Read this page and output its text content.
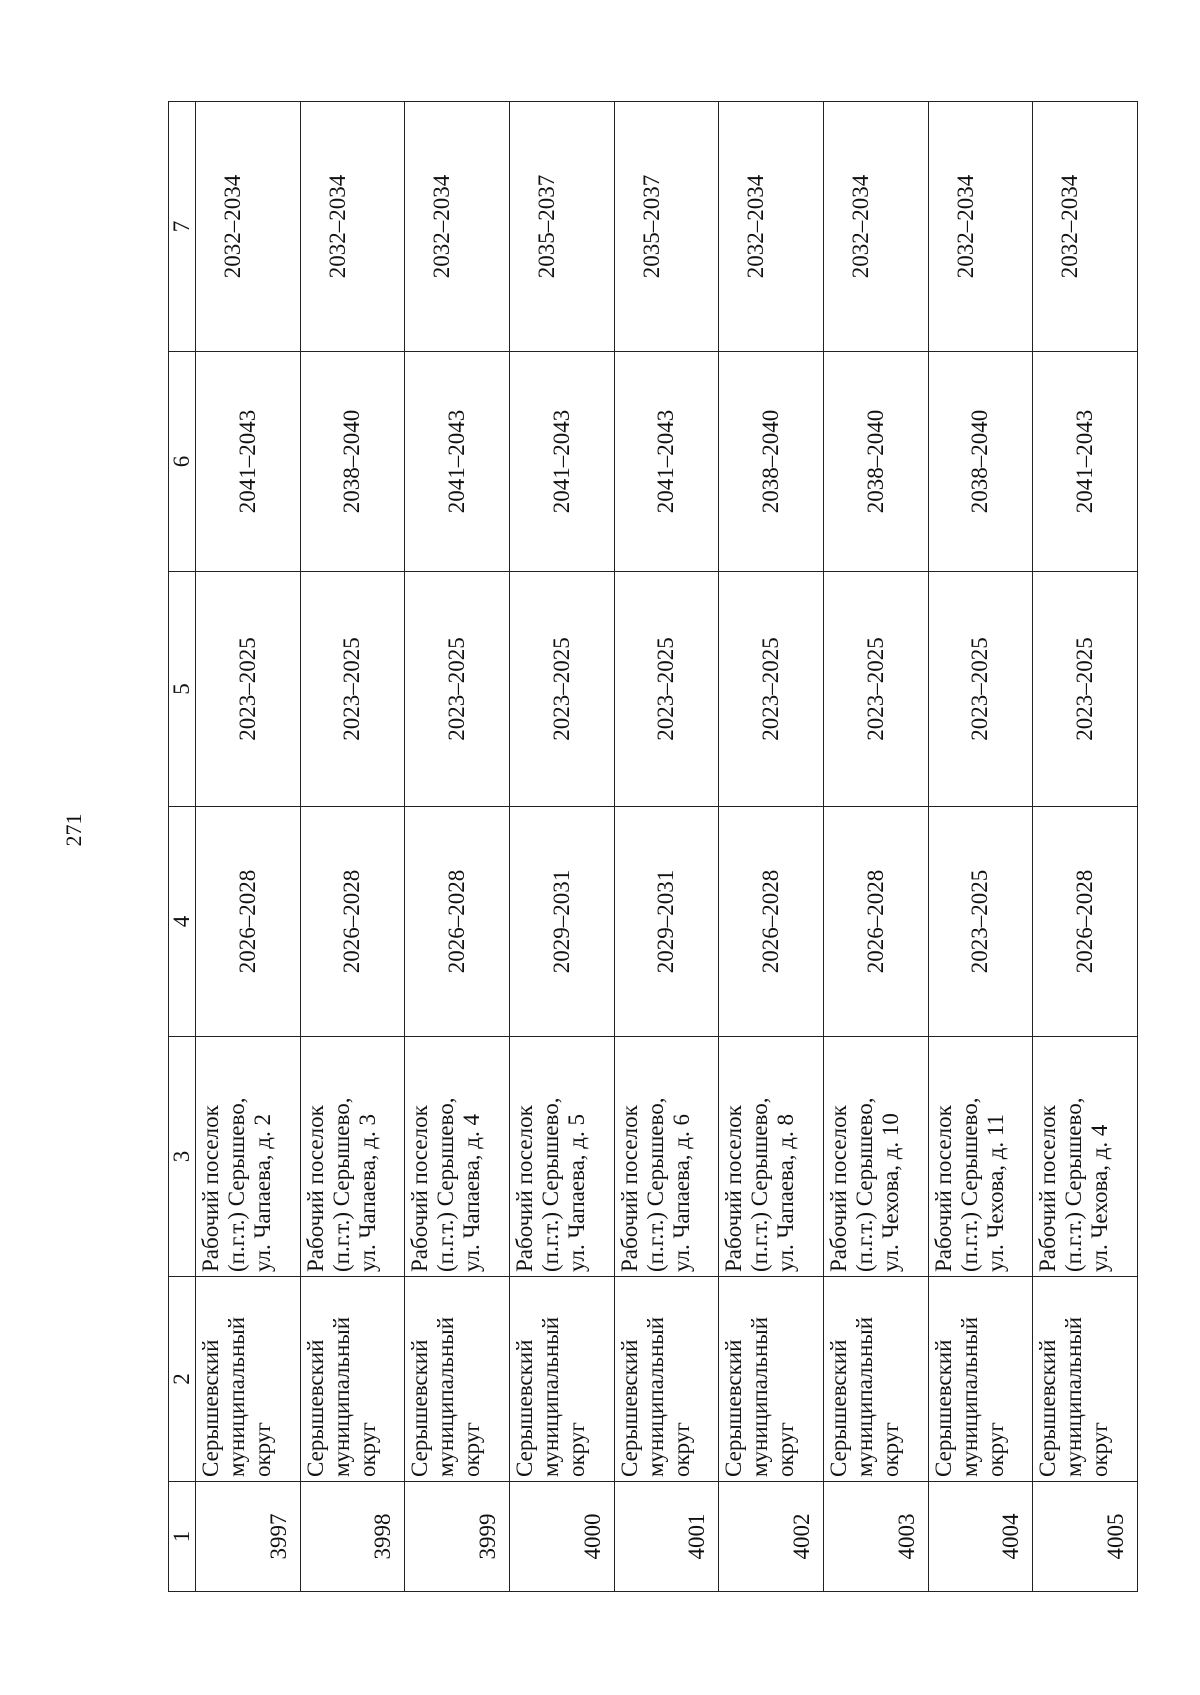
271
1	2	3	4	5	6	7
3997	Серышевский муниципальный округ	Рабочий поселок (п.г.т.) Серышево, ул. Чапаева, д. 2	2026–2028	2023–2025	2041–2043	2032–2034
3998	Серышевский муниципальный округ	Рабочий поселок (п.г.т.) Серышево, ул. Чапаева, д. 3	2026–2028	2023–2025	2038–2040	2032–2034
3999	Серышевский муниципальный округ	Рабочий поселок (п.г.т.) Серышево, ул. Чапаева, д. 4	2026–2028	2023–2025	2041–2043	2032–2034
4000	Серышевский муниципальный округ	Рабочий поселок (п.г.т.) Серышево, ул. Чапаева, д. 5	2029–2031	2023–2025	2041–2043	2035–2037
4001	Серышевский муниципальный округ	Рабочий поселок (п.г.т.) Серышево, ул. Чапаева, д. 6	2029–2031	2023–2025	2041–2043	2035–2037
4002	Серышевский муниципальный округ	Рабочий поселок (п.г.т.) Серышево, ул. Чапаева, д. 8	2026–2028	2023–2025	2038–2040	2032–2034
4003	Серышевский муниципальный округ	Рабочий поселок (п.г.т.) Серышево, ул. Чехова, д. 10	2026–2028	2023–2025	2038–2040	2032–2034
4004	Серышевский муниципальный округ	Рабочий поселок (п.г.т.) Серышево, ул. Чехова, д. 11	2023–2025	2023–2025	2038–2040	2032–2034
4005	Серышевский муниципальный округ	Рабочий поселок (п.г.т.) Серышево, ул. Чехова, д. 4	2026–2028	2023–2025	2041–2043	2032–2034
